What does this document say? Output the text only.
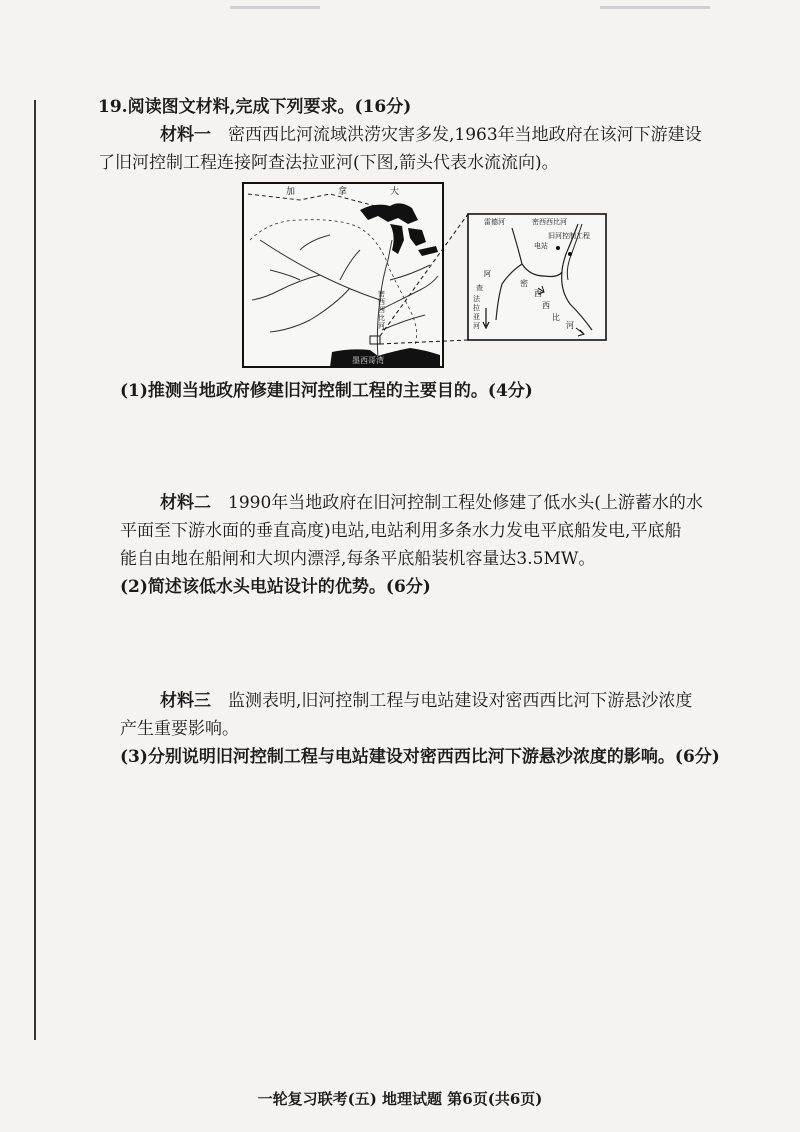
19.阅读图文材料,完成下列要求。(16分)
材料一  密西西比河流域洪涝灾害多发,1963年当地政府在该河下游建设
了旧河控制工程连接阿查法拉亚河(下图,箭头代表水流流向)。
墨西哥湾
加	拿	大
密
西
西
比
河
雷德河	密西西比河
电站
旧河控制工程
阿
查
法
拉
亚
河
密
西
西
比
河
(1)推测当地政府修建旧河控制工程的主要目的。(4分)
材料二  1990年当地政府在旧河控制工程处修建了低水头(上游蓄水的水
平面至下游水面的垂直高度)电站,电站利用多条水力发电平底船发电,平底船
能自由地在船闸和大坝内漂浮,每条平底船装机容量达3.5MW。
(2)简述该低水头电站设计的优势。(6分)
材料三  监测表明,旧河控制工程与电站建设对密西西比河下游悬沙浓度
产生重要影响。
(3)分别说明旧河控制工程与电站建设对密西西比河下游悬沙浓度的影响。(6分)
一轮复习联考(五) 地理试题 第6页(共6页)
